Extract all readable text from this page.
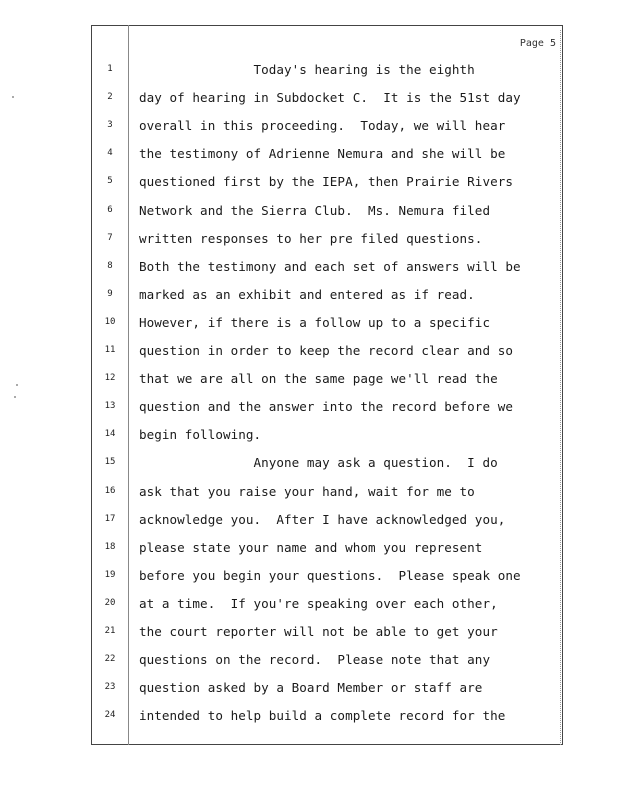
Page 5
1	Today's hearing is the eighth
2	day of hearing in Subdocket C.  It is the 51st day
3	overall in this proceeding.  Today, we will hear
4	the testimony of Adrienne Nemura and she will be
5	questioned first by the IEPA, then Prairie Rivers
6	Network and the Sierra Club.  Ms. Nemura filed
7	written responses to her pre filed questions.
8	Both the testimony and each set of answers will be
9	marked as an exhibit and entered as if read.
10	However, if there is a follow up to a specific
11	question in order to keep the record clear and so
12	that we are all on the same page we'll read the
13	question and the answer into the record before we
14	begin following.
15	Anyone may ask a question.  I do
16	ask that you raise your hand, wait for me to
17	acknowledge you.  After I have acknowledged you,
18	please state your name and whom you represent
19	before you begin your questions.  Please speak one
20	at a time.  If you're speaking over each other,
21	the court reporter will not be able to get your
22	questions on the record.  Please note that any
23	question asked by a Board Member or staff are
24	intended to help build a complete record for the
